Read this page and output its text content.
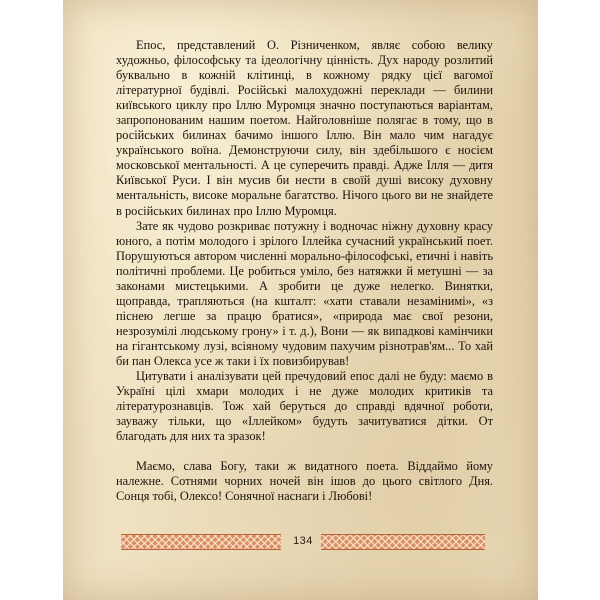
Епос, представлений О. Різниченком, являє собою велику художньо, філософську та ідеологічну цінність. Дух народу розлитий буквально в кожній клітинці, в кожному рядку цієї вагомої літературної будівлі. Російські малохудожні переклади — билини київського циклу про Іллю Муромця значно поступаються варіантам, запропонованим нашим поетом. Найголовніше полягає в тому, що в російських билинах бачимо іншого Іллю. Він мало чим нагадує українського воїна. Демонструючи силу, він здебільшого є носієм московської ментальності. А це суперечить правді. Адже Ілля — дитя Київської Руси. І він мусив би нести в своїй душі високу духовну ментальність, високе моральне багатство. Нічого цього ви не знайдете в російських билинах про Іллю Муромця.

Зате як чудово розкриває потужну і водночас ніжну духовну красу юного, а потім молодого і зрілого Іллейка сучасний український поет. Порушуються автором численні морально-філософські, етичні і навіть політичні проблеми. Це робиться уміло, без натяжки й метушні — за законами мистецькими. А зробити це дуже нелегко. Винятки, щоправда, трапляються (на кшталт: «хати ставали незамінимі», «з піснею легше за працю братися», «природа має свої резони, незрозумілі людському грону» і т. д.), Вони — як випадкові камінчики на гігантському лузі, всіяному чудовим пахучим різнотрав'ям... То хай би пан Олекса усе ж таки і їх повизбирував!

Цитувати і аналізувати цей пречудовий епос далі не буду: маємо в Україні цілі хмари молодих і не дуже молодих критиків та літературознавців. Тож хай беруться до справді вдячної роботи, зауважу тільки, що «Іллейком» будуть зачитуватися дітки. От благодать для них та зразок!

Маємо, слава Богу, таки ж видатного поета. Віддаймо йому належне. Сотнями чорних ночей він ішов до цього світлого Дня. Сонця тобі, Олексо! Сонячної наснаги і Любові!

134
